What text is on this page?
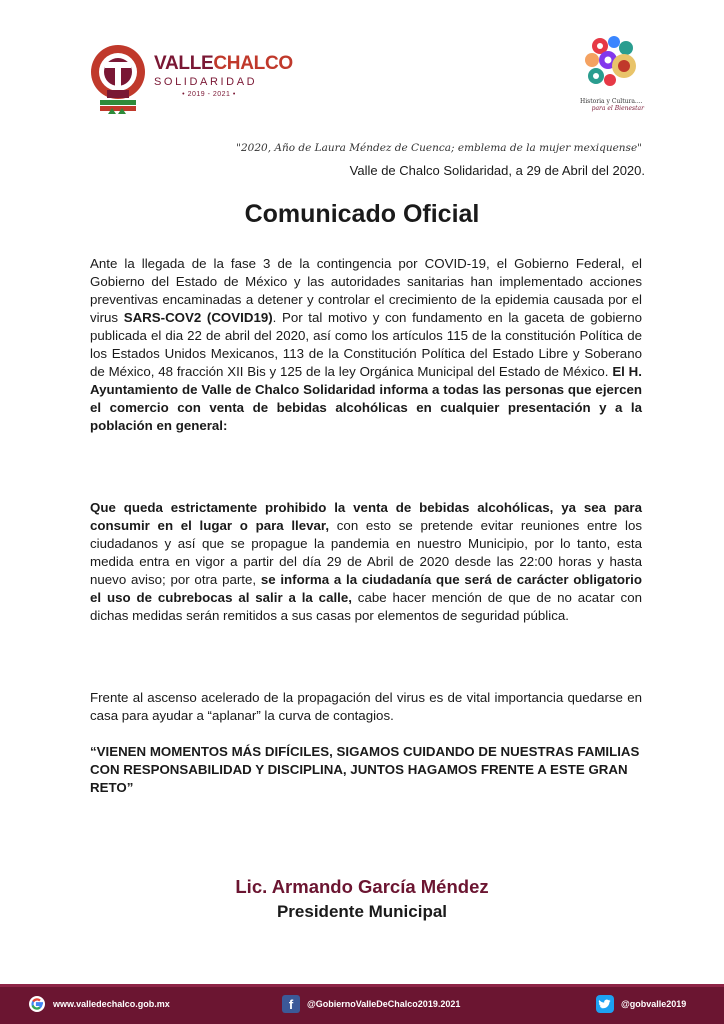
VALLECHALCO
SOLIDARIDAD
• 2019 - 2021 •
Historia y Cultura....
para el Bienestar
"2020, Año de Laura Méndez de Cuenca; emblema de la mujer mexiquense"
Valle de Chalco Solidaridad, a 29 de Abril del 2020.
Comunicado Oficial
Ante la llegada de la fase 3 de la contingencia por COVID-19, el Gobierno Federal, el Gobierno del Estado de México y las autoridades sanitarias han implementado acciones preventivas encaminadas a detener y controlar el crecimiento de la epidemia causada por el virus SARS-COV2 (COVID19). Por tal motivo y con fundamento en la gaceta de gobierno publicada el dia 22 de abril del 2020, así como los artículos 115 de la constitución Política de los Estados Unidos Mexicanos, 113 de la Constitución Política del Estado Libre y Soberano de México, 48 fracción XII Bis y 125 de la ley Orgánica Municipal del Estado de México. El H. Ayuntamiento de Valle de Chalco Solidaridad informa a todas las personas que ejercen el comercio con venta de bebidas alcohólicas en cualquier presentación y a la población en general:
Que queda estrictamente prohibido la venta de bebidas alcohólicas, ya sea para consumir en el lugar o para llevar, con esto se pretende evitar reuniones entre los ciudadanos y así que se propague la pandemia en nuestro Municipio, por lo tanto, esta medida entra en vigor a partir del día 29 de Abril de 2020 desde las 22:00 horas y hasta nuevo aviso; por otra parte, se informa a la ciudadanía que será de carácter obligatorio el uso de cubrebocas al salir a la calle, cabe hacer mención de que de no acatar con dichas medidas serán remitidos a sus casas por elementos de seguridad pública.
Frente al ascenso acelerado de la propagación del virus es de vital importancia quedarse en casa para ayudar a “aplanar” la curva de contagios.
“VIENEN MOMENTOS MÁS DIFÍCILES, SIGAMOS CUIDANDO DE NUESTRAS FAMILIAS CON RESPONSABILIDAD Y DISCIPLINA, JUNTOS HAGAMOS FRENTE A ESTE GRAN RETO”
Lic. Armando García Méndez
Presidente Municipal
www.valledechalco.gob.mx	f	@GobiernoValleDeChalco2019.2021	@gobvalle2019
